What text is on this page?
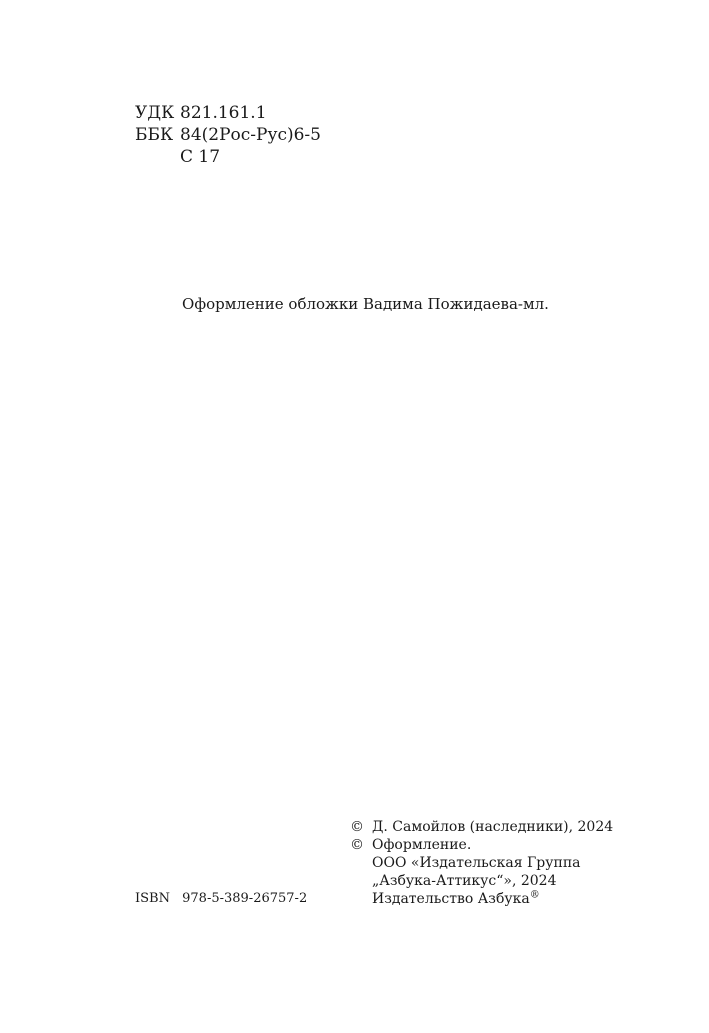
УДК 821.161.1
ББК 84(2Рос-Рус)6-5
С 17
Оформление обложки Вадима Пожидаева-мл.
ISBN 978-5-389-26757-2
© Д. Самойлов (наследники), 2024
© Оформление.
ООО «Издательская Группа
„Азбука-Аттикус“», 2024
Издательство Азбука®
